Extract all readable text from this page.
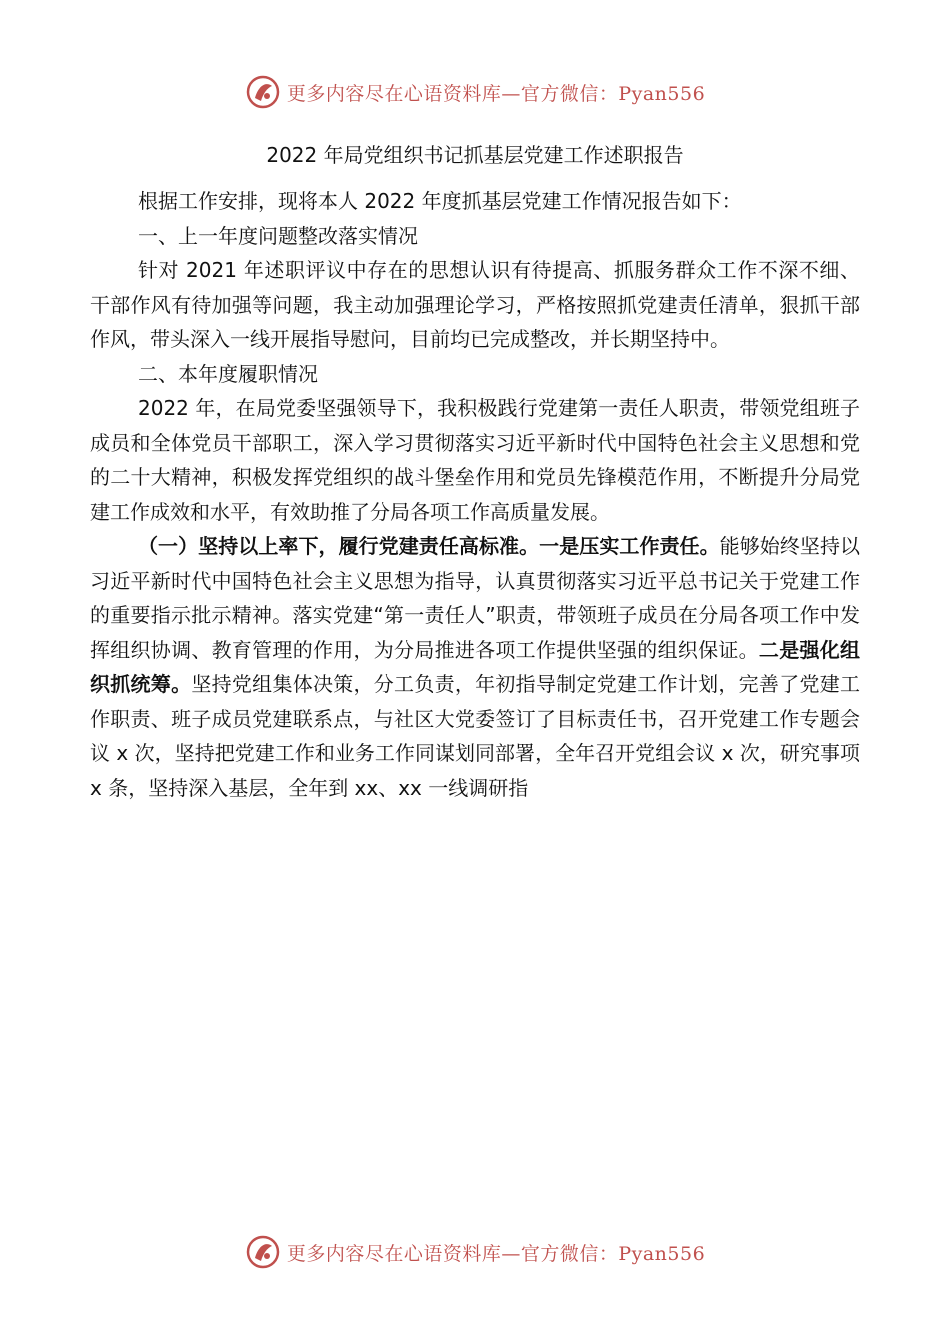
更多内容尽在心语资料库—官方微信：Pyan556
2022 年局党组织书记抓基层党建工作述职报告

根据工作安排，现将本人 2022 年度抓基层党建工作情况报告如下：

一、上一年度问题整改落实情况

针对 2021 年述职评议中存在的思想认识有待提高、抓服务群众工作不深不细、干部作风有待加强等问题，我主动加强理论学习，严格按照抓党建责任清单，狠抓干部作风，带头深入一线开展指导慰问，目前均已完成整改，并长期坚持中。

二、本年度履职情况

2022 年，在局党委坚强领导下，我积极践行党建第一责任人职责，带领党组班子成员和全体党员干部职工，深入学习贯彻落实习近平新时代中国特色社会主义思想和党的二十大精神，积极发挥党组织的战斗堡垒作用和党员先锋模范作用，不断提升分局党建工作成效和水平，有效助推了分局各项工作高质量发展。

（一）坚持以上率下，履行党建责任高标准。一是压实工作责任。能够始终坚持以习近平新时代中国特色社会主义思想为指导，认真贯彻落实习近平总书记关于党建工作的重要指示批示精神。落实党建“第一责任人”职责，带领班子成员在分局各项工作中发挥组织协调、教育管理的作用，为分局推进各项工作提供坚强的组织保证。二是强化组织抓统筹。坚持党组集体决策，分工负责，年初指导制定党建工作计划，完善了党建工作职责、班子成员党建联系点，与社区大党委签订了目标责任书，召开党建工作专题会议 x 次，坚持把党建工作和业务工作同谋划同部署，全年召开党组会议 x 次，研究事项 x 条，坚持深入基层，全年到 xx、xx 一线调研指

更多内容尽在心语资料库—官方微信：Pyan556
